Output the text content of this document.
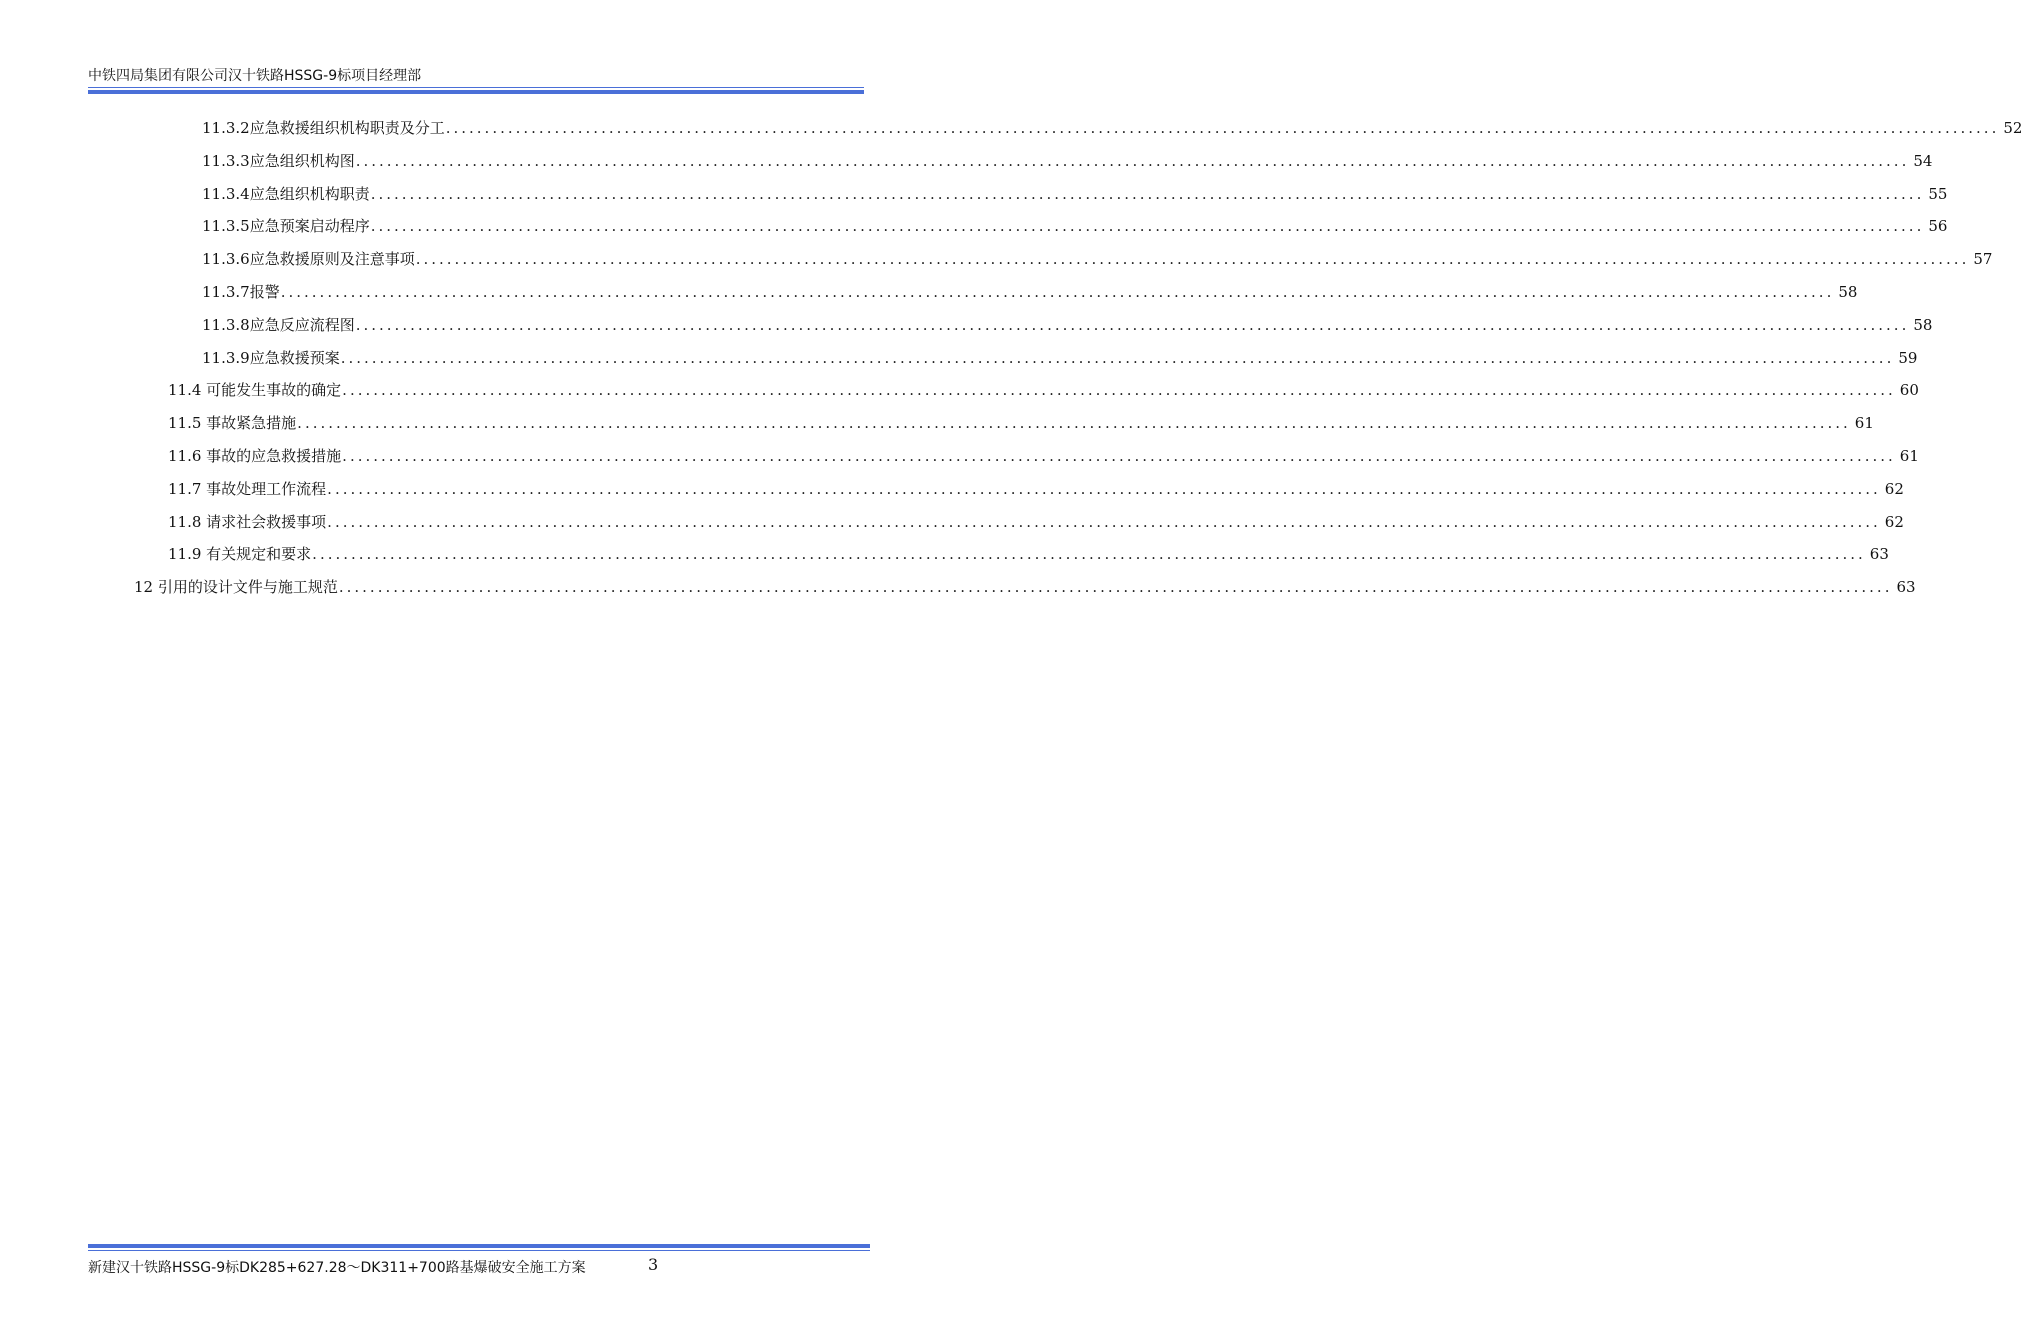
中铁四局集团有限公司汉十铁路HSSG-9标项目经理部
11.3.2应急救援组织机构职责及分工 ........................................................................................................................................................................................................ 52
11.3.3应急组织机构图 ........................................................................................................................................................................................................ 54
11.3.4应急组织机构职责 ........................................................................................................................................................................................................ 55
11.3.5应急预案启动程序 ........................................................................................................................................................................................................ 56
11.3.6应急救援原则及注意事项 ........................................................................................................................................................................................................ 57
11.3.7报警 ........................................................................................................................................................................................................ 58
11.3.8应急反应流程图 ........................................................................................................................................................................................................ 58
11.3.9应急救援预案 ........................................................................................................................................................................................................ 59
11.4 可能发生事故的确定 ........................................................................................................................................................................................................ 60
11.5 事故紧急措施 ........................................................................................................................................................................................................ 61
11.6 事故的应急救援措施 ........................................................................................................................................................................................................ 61
11.7 事故处理工作流程 ........................................................................................................................................................................................................ 62
11.8 请求社会救援事项 ........................................................................................................................................................................................................ 62
11.9 有关规定和要求 ........................................................................................................................................................................................................ 63
12 引用的设计文件与施工规范 ........................................................................................................................................................................................................ 63
新建汉十铁路HSSG-9标DK285+627.28～DK311+700路基爆破安全施工方案	3
